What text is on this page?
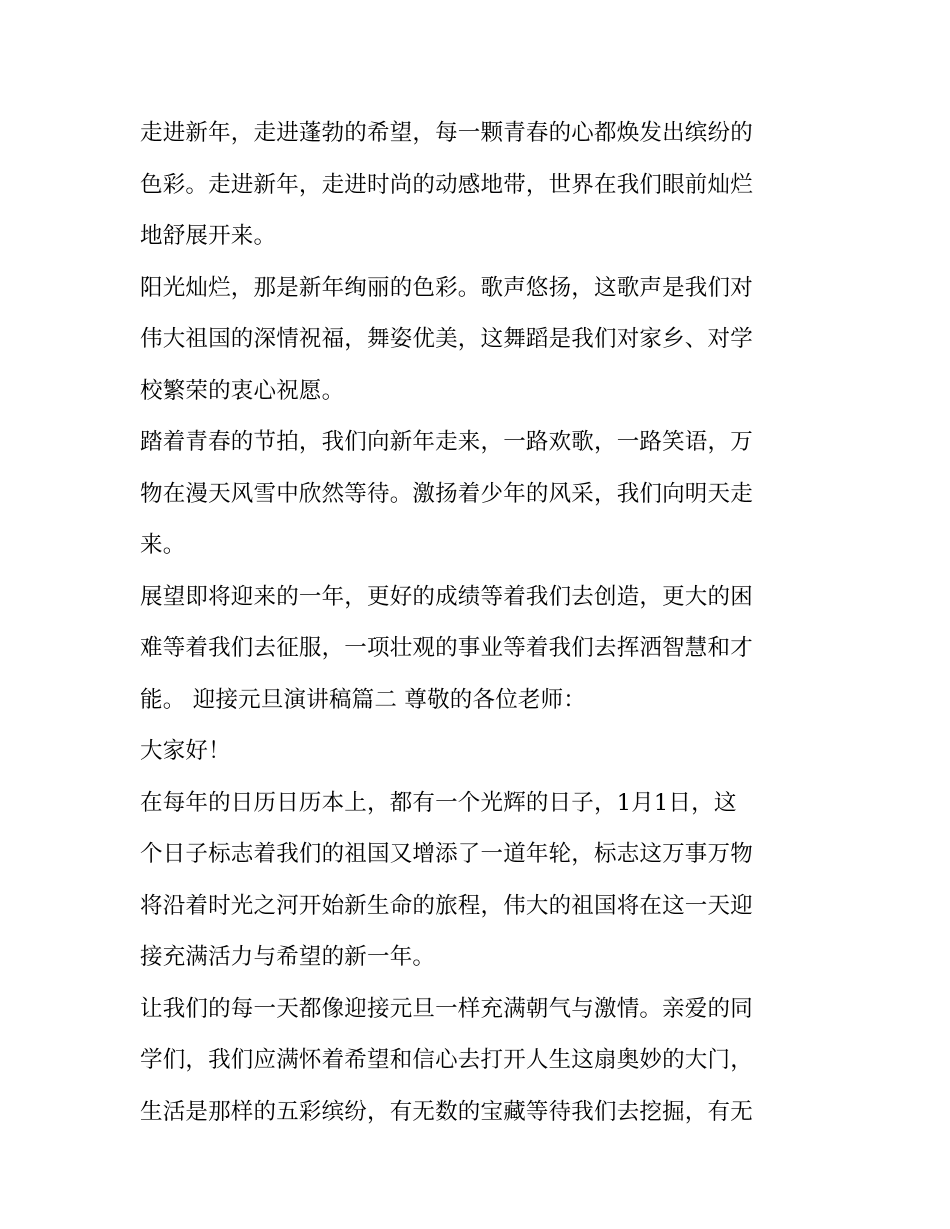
走进新年，走进蓬勃的希望，每一颗青春的心都焕发出缤纷的
色彩。走进新年，走进时尚的动感地带，世界在我们眼前灿烂
地舒展开来。
阳光灿烂，那是新年绚丽的色彩。歌声悠扬，这歌声是我们对
伟大祖国的深情祝福，舞姿优美，这舞蹈是我们对家乡、对学
校繁荣的衷心祝愿。
踏着青春的节拍，我们向新年走来，一路欢歌，一路笑语，万
物在漫天风雪中欣然等待。激扬着少年的风采，我们向明天走
来。
展望即将迎来的一年，更好的成绩等着我们去创造，更大的困
难等着我们去征服，一项壮观的事业等着我们去挥洒智慧和才
能。 迎接元旦演讲稿篇二 尊敬的各位老师：
大家好！
在每年的日历日历本上，都有一个光辉的日子，1月1日，这
个日子标志着我们的祖国又增添了一道年轮，标志这万事万物
将沿着时光之河开始新生命的旅程，伟大的祖国将在这一天迎
接充满活力与希望的新一年。
让我们的每一天都像迎接元旦一样充满朝气与激情。亲爱的同
学们，我们应满怀着希望和信心去打开人生这扇奥妙的大门，
生活是那样的五彩缤纷，有无数的宝藏等待我们去挖掘，有无
